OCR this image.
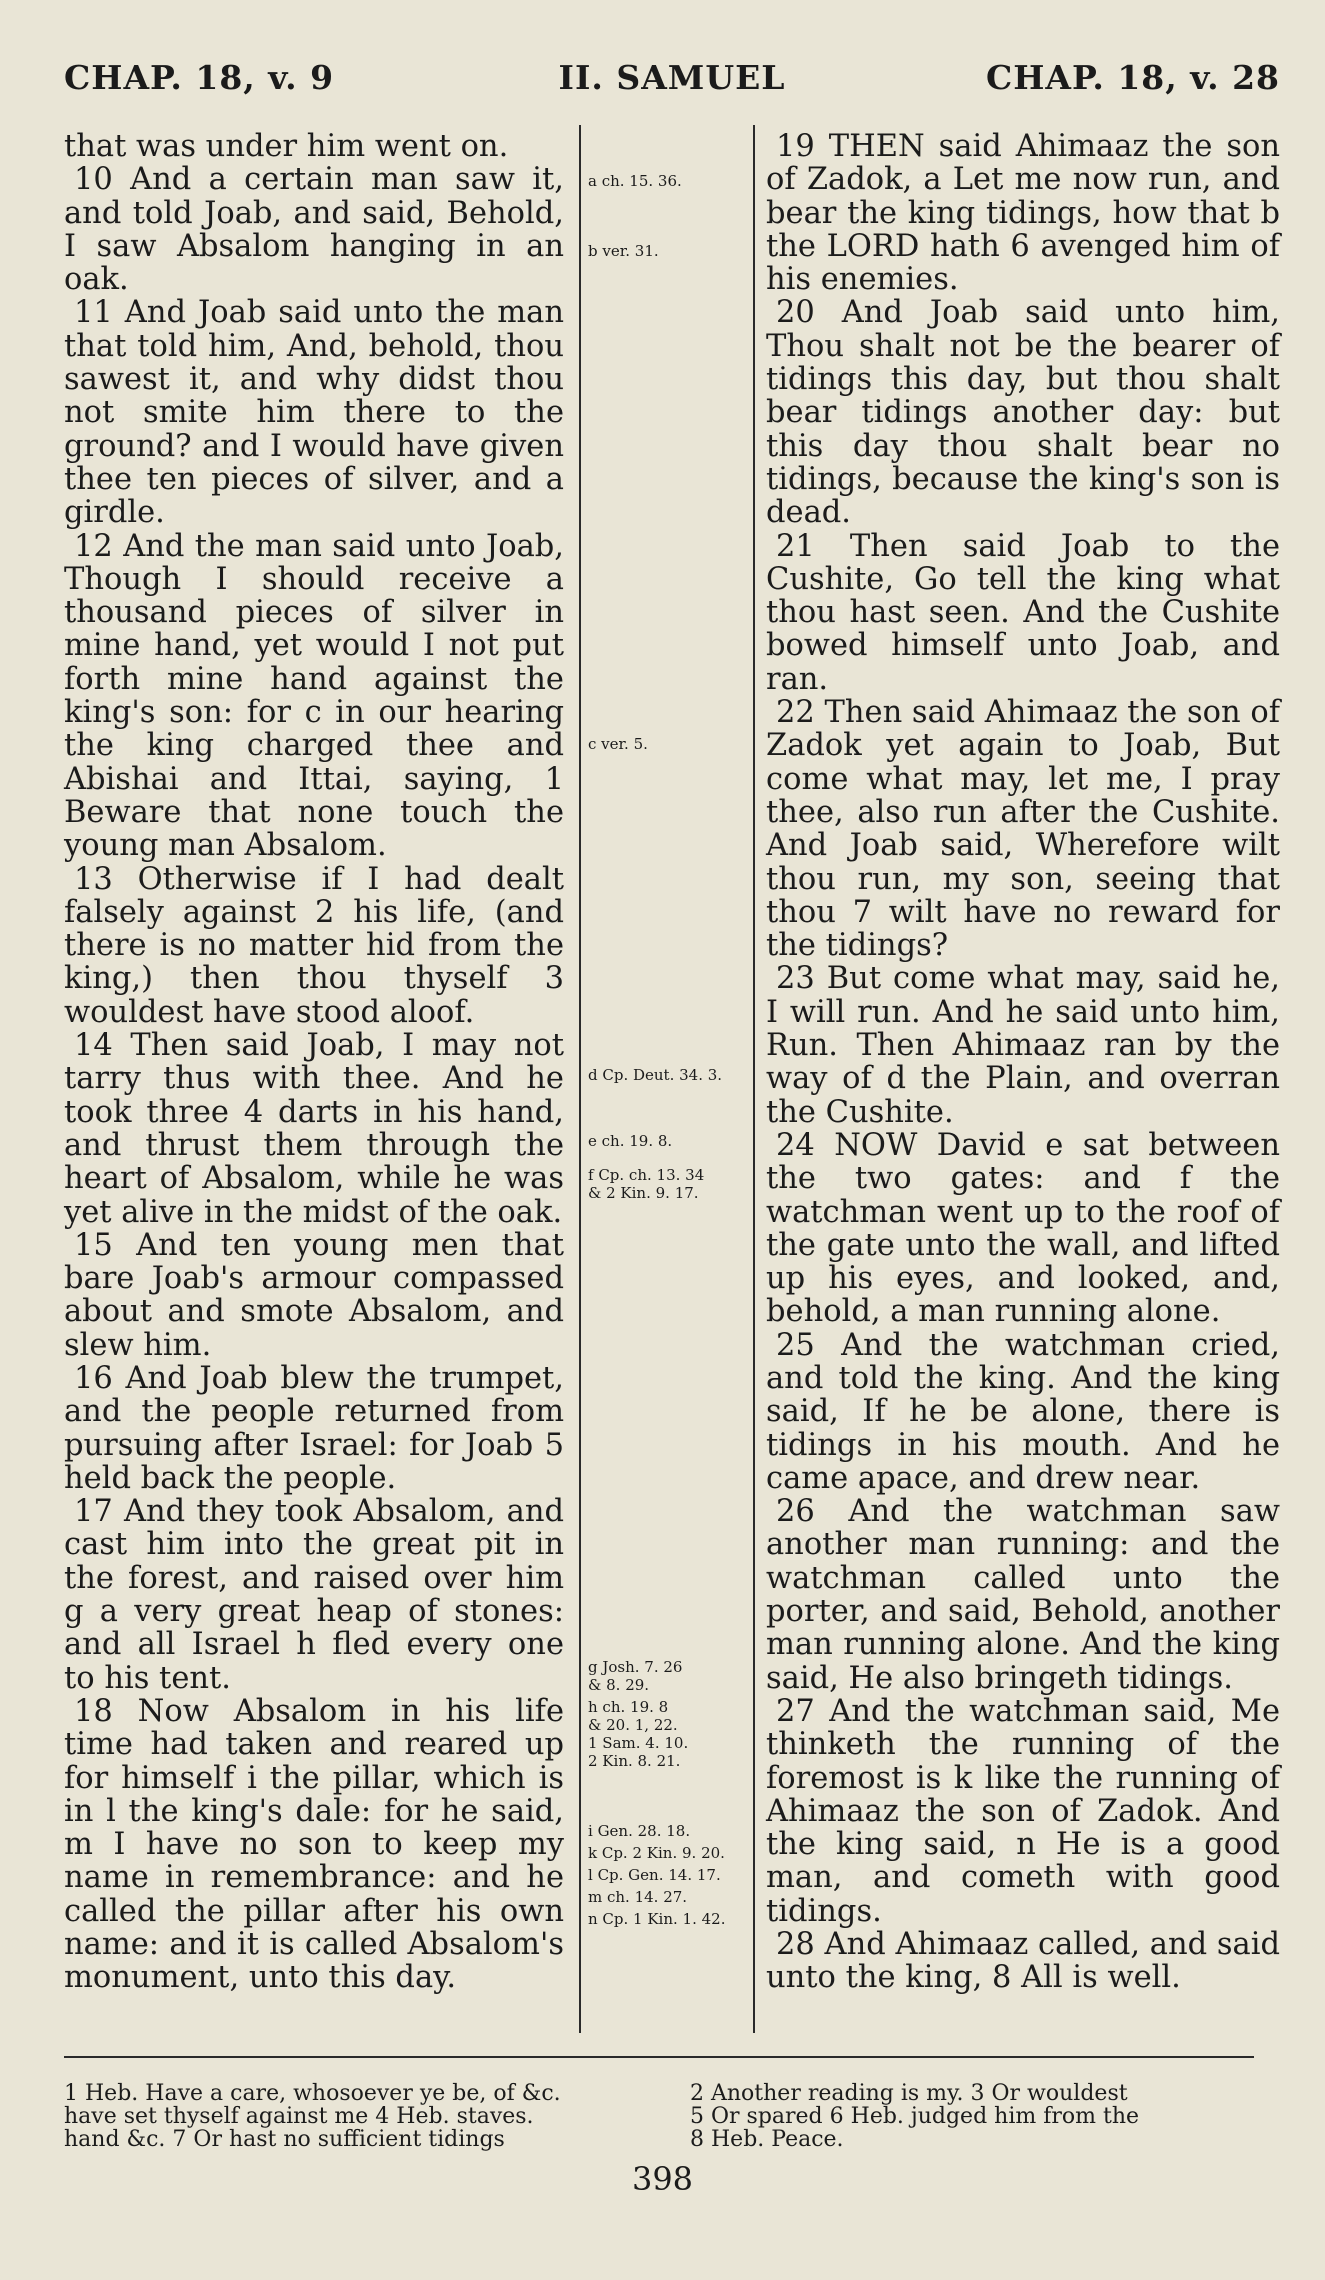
CHAP. 18, v. 9	II. SAMUEL	CHAP. 18, v. 28

that was under him went on.

10 And a certain man saw it, and told Joab, and said, Behold, I saw Absalom hanging in an oak.

11 And Joab said unto the man that told him, And, behold, thou sawest it, and why didst thou not smite him there to the ground? and I would have given thee ten pieces of silver, and a girdle.

12 And the man said unto Joab, Though I should receive a thousand pieces of silver in mine hand, yet would I not put forth mine hand against the king's son: for c in our hearing the king charged thee and Abishai and Ittai, saying, 1 Beware that none touch the young man Absalom.

13 Otherwise if I had dealt falsely against 2 his life, (and there is no matter hid from the king,) then thou thyself 3 wouldest have stood aloof.

14 Then said Joab, I may not tarry thus with thee. And he took three 4 darts in his hand, and thrust them through the heart of Absalom, while he was yet alive in the midst of the oak.

15 And ten young men that bare Joab's armour compassed about and smote Absalom, and slew him.

16 And Joab blew the trumpet, and the people returned from pursuing after Israel: for Joab 5 held back the people.

17 And they took Absalom, and cast him into the great pit in the forest, and raised over him g a very great heap of stones: and all Israel h fled every one to his tent.

18 Now Absalom in his life time had taken and reared up for himself i the pillar, which is in l the king's dale: for he said, m I have no son to keep my name in remembrance: and he called the pillar after his own name: and it is called Absalom's monument, unto this day.

a ch. 15. 36.
b ver. 31.
c ver. 5.
d Cp. Deut. 34. 3.
e ch. 19. 8.
f Cp. ch. 13. 34
& 2 Kin. 9. 17.
g Josh. 7. 26
& 8. 29.
h ch. 19. 8
& 20. 1, 22.
1 Sam. 4. 10.
2 Kin. 8. 21.
i Gen. 28. 18.
k Cp. 2 Kin. 9. 20.
l Cp. Gen. 14. 17.
m ch. 14. 27.
n Cp. 1 Kin. 1. 42.

19 THEN said Ahimaaz the son of Zadok, a Let me now run, and bear the king tidings, how that b the LORD hath 6 avenged him of his enemies.

20 And Joab said unto him, Thou shalt not be the bearer of tidings this day, but thou shalt bear tidings another day: but this day thou shalt bear no tidings, because the king's son is dead.

21 Then said Joab to the Cushite, Go tell the king what thou hast seen. And the Cushite bowed himself unto Joab, and ran.

22 Then said Ahimaaz the son of Zadok yet again to Joab, But come what may, let me, I pray thee, also run after the Cushite. And Joab said, Wherefore wilt thou run, my son, seeing that thou 7 wilt have no reward for the tidings?

23 But come what may, said he, I will run. And he said unto him, Run. Then Ahimaaz ran by the way of d the Plain, and overran the Cushite.

24 NOW David e sat between the two gates: and f the watchman went up to the roof of the gate unto the wall, and lifted up his eyes, and looked, and, behold, a man running alone.

25 And the watchman cried, and told the king. And the king said, If he be alone, there is tidings in his mouth. And he came apace, and drew near.

26 And the watchman saw another man running: and the watchman called unto the porter, and said, Behold, another man running alone. And the king said, He also bringeth tidings.

27 And the watchman said, Me thinketh the running of the foremost is k like the running of Ahimaaz the son of Zadok. And the king said, n He is a good man, and cometh with good tidings.

28 And Ahimaaz called, and said unto the king, 8 All is well.

1 Heb. Have a care, whosoever ye be, of &c.
have set thyself against me 4 Heb. staves.
hand &c. 7 Or hast no sufficient tidings
2 Another reading is my. 3 Or wouldest
5 Or spared 6 Heb. judged him from the
8 Heb. Peace.
398
